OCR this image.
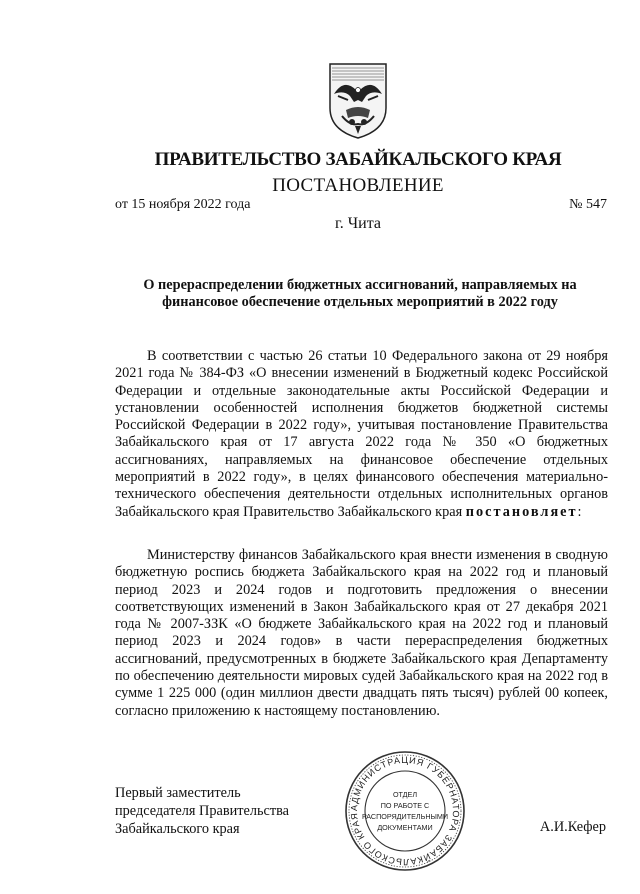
ПРАВИТЕЛЬСТВО ЗАБАЙКАЛЬСКОГО КРАЯ
ПОСТАНОВЛЕНИЕ
от 15 ноября 2022 года	№ 547
г. Чита
О перераспределении бюджетных ассигнований, направляемых на финансовое обеспечение отдельных мероприятий в 2022 году

В соответствии с частью 26 статьи 10 Федерального закона от 29 ноября 2021 года № 384-ФЗ «О внесении изменений в Бюджетный кодекс Российской Федерации и отдельные законодательные акты Российской Федерации и установлении особенностей исполнения бюджетов бюджетной системы Российской Федерации в 2022 году», учитывая постановление Правительства Забайкальского края от 17 августа 2022 года № 350 «О бюджетных ассигнованиях, направляемых на финансовое обеспечение отдельных мероприятий в 2022 году», в целях финансового обеспечения материально-технического обеспечения деятельности отдельных исполнительных органов Забайкальского края Правительство Забайкальского края постановляет:

Министерству финансов Забайкальского края внести изменения в сводную бюджетную роспись бюджета Забайкальского края на 2022 год и плановый период 2023 и 2024 годов и подготовить предложения о внесении соответствующих изменений в Закон Забайкальского края от 27 декабря 2021 года № 2007-ЗЗК «О бюджете Забайкальского края на 2022 год и плановый период 2023 и 2024 годов» в части перераспределения бюджетных ассигнований, предусмотренных в бюджете Забайкальского края Департаменту по обеспечению деятельности мировых судей Забайкальского края на 2022 год в сумме 1 225 000 (один миллион двести двадцать пять тысяч) рублей 00 копеек, согласно приложению к настоящему постановлению.

Первый заместитель
председателя Правительства
Забайкальского края	А.И.Кефер
АДМИНИСТРАЦИЯ ГУБЕРНАТОРА ЗАБАЙКАЛЬСКОГО КРАЯ
ОТДЕЛ
ПО РАБОТЕ С
РАСПОРЯДИТЕЛЬНЫМИ
ДОКУМЕНТАМИ
